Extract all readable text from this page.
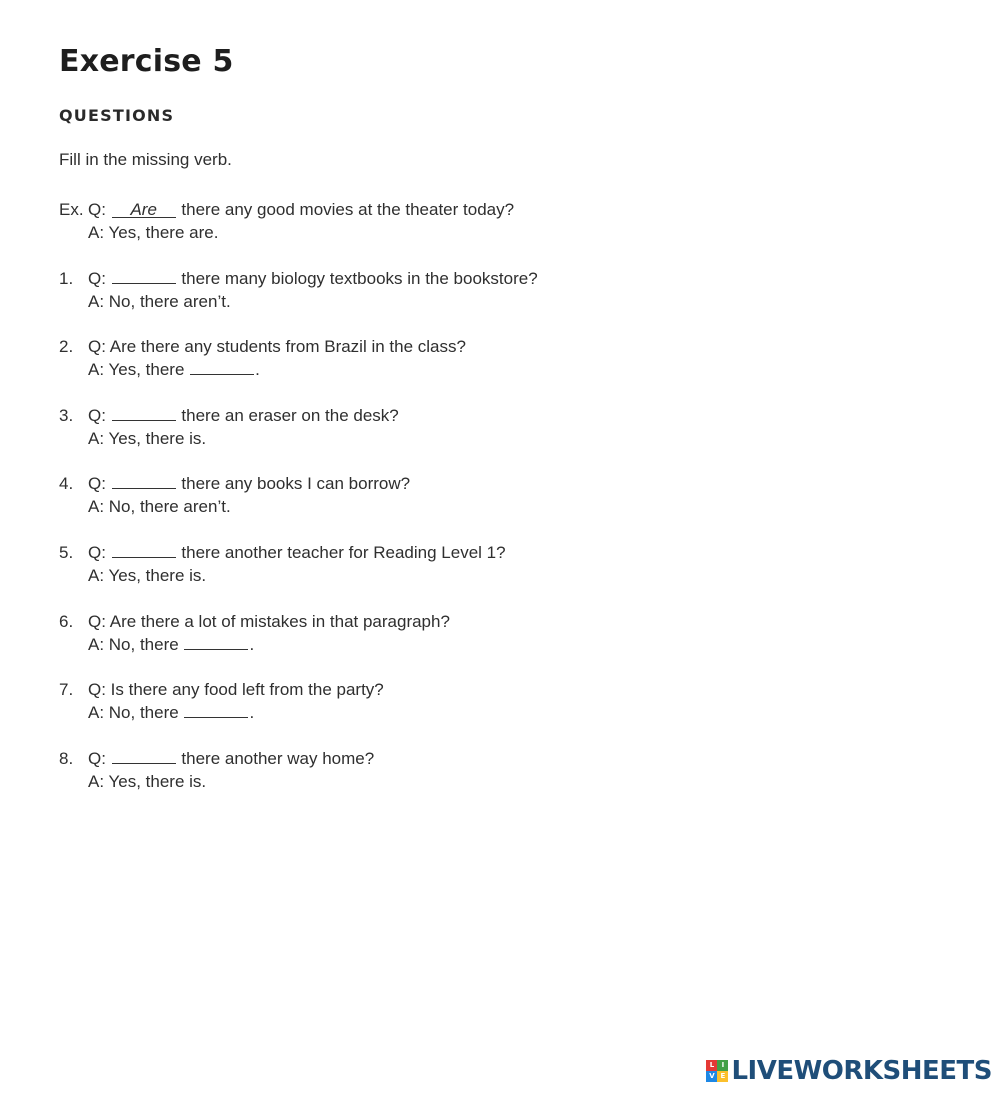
Exercise 5
QUESTIONS
Fill in the missing verb.
Ex. Q: Are there any good movies at the theater today?
A: Yes, there are.
1. Q:	there many biology textbooks in the bookstore?
A: No, there aren’t.
2. Q: Are there any students from Brazil in the class?
A: Yes, there	.
3. Q:	there an eraser on the desk?
A: Yes, there is.
4. Q:	there any books I can borrow?
A: No, there aren’t.
5. Q:	there another teacher for Reading Level 1?
A: Yes, there is.
6. Q: Are there a lot of mistakes in that paragraph?
A: No, there	.
7. Q: Is there any food left from the party?
A: No, there	.
8. Q:	there another way home?
A: Yes, there is.
L	I
V E LIVEWORKSHEETS
